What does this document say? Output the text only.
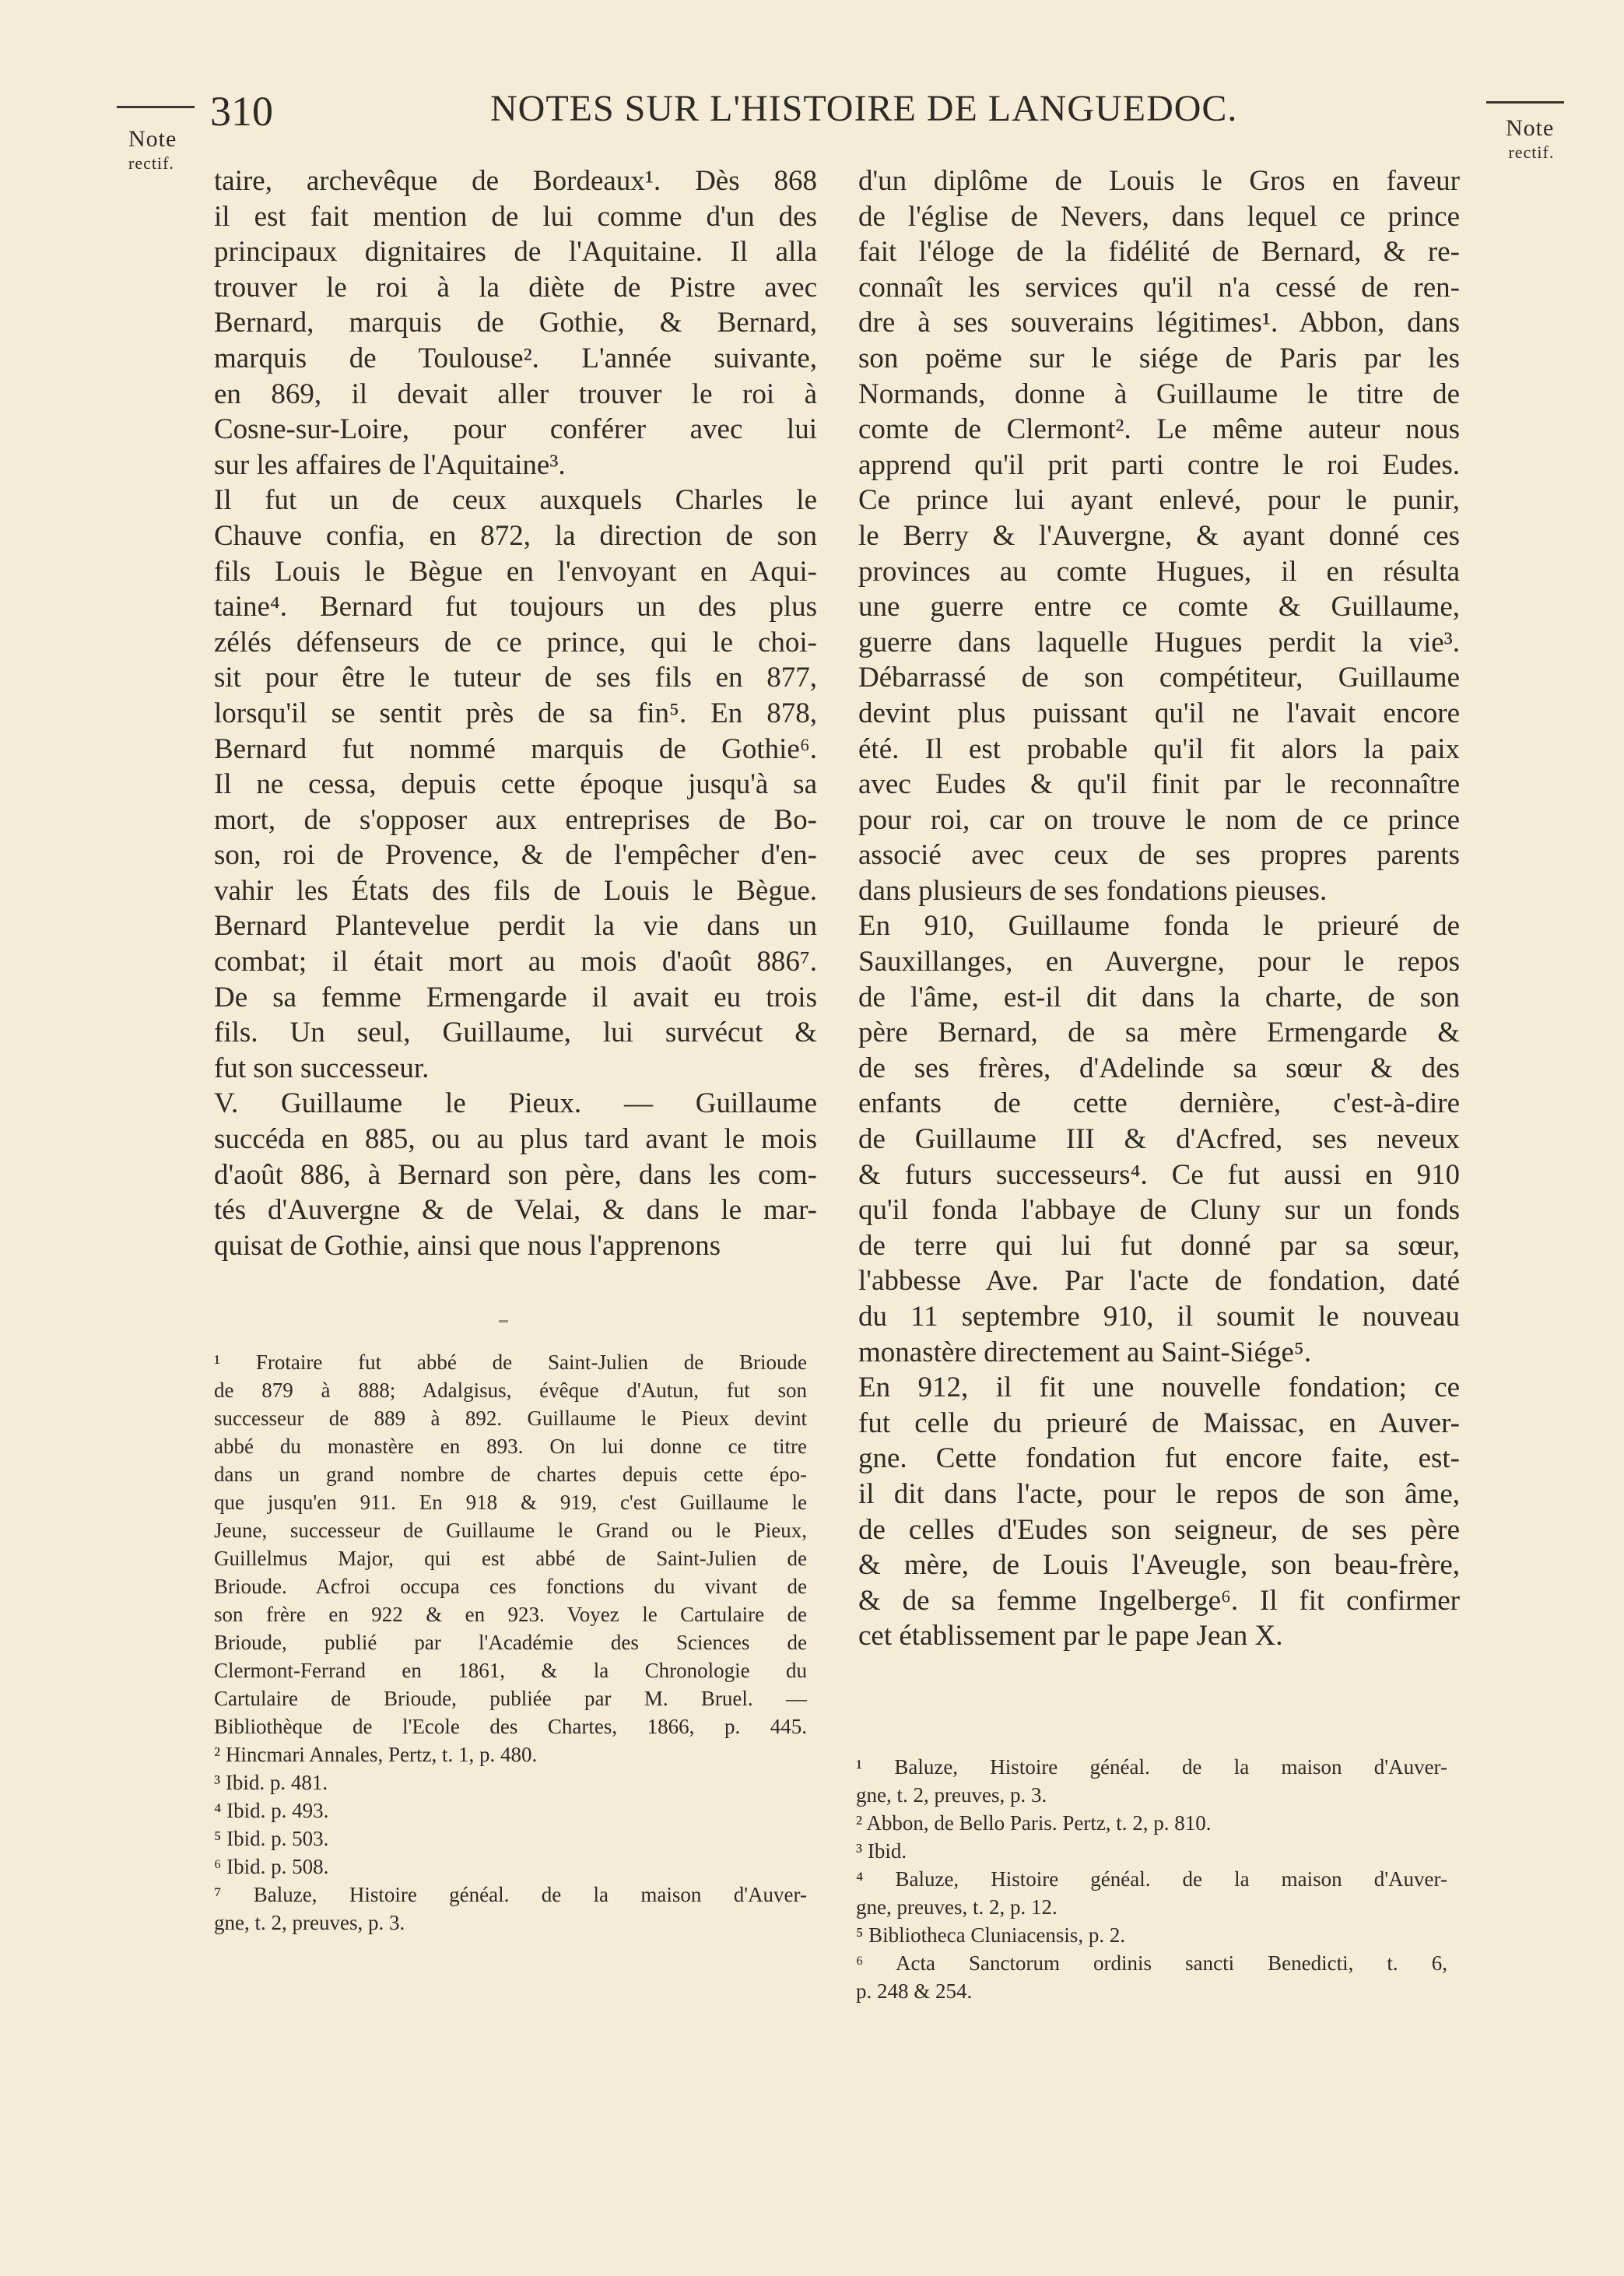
Note
rectif.
Note
rectif.
310	NOTES SUR L'HISTOIRE DE LANGUEDOC.

taire, archevêque de Bordeaux¹. Dès 868

il est fait mention de lui comme d'un des

principaux dignitaires de l'Aquitaine. Il alla

trouver le roi à la diète de Pistre avec

Bernard, marquis de Gothie, & Bernard,

marquis de Toulouse². L'année suivante,

en 869, il devait aller trouver le roi à

Cosne-sur-Loire, pour conférer avec lui

sur les affaires de l'Aquitaine³.

Il fut un de ceux auxquels Charles le

Chauve confia, en 872, la direction de son

fils Louis le Bègue en l'envoyant en Aqui-

taine⁴. Bernard fut toujours un des plus

zélés défenseurs de ce prince, qui le choi-

sit pour être le tuteur de ses fils en 877,

lorsqu'il se sentit près de sa fin⁵. En 878,

Bernard fut nommé marquis de Gothie⁶.

Il ne cessa, depuis cette époque jusqu'à sa

mort, de s'opposer aux entreprises de Bo-

son, roi de Provence, & de l'empêcher d'en-

vahir les États des fils de Louis le Bègue.

Bernard Plantevelue perdit la vie dans un

combat; il était mort au mois d'août 886⁷.

De sa femme Ermengarde il avait eu trois

fils. Un seul, Guillaume, lui survécut &

fut son successeur.

V. Guillaume le Pieux. — Guillaume

succéda en 885, ou au plus tard avant le mois

d'août 886, à Bernard son père, dans les com-

tés d'Auvergne & de Velai, & dans le mar-

quisat de Gothie, ainsi que nous l'apprenons

d'un diplôme de Louis le Gros en faveur

de l'église de Nevers, dans lequel ce prince

fait l'éloge de la fidélité de Bernard, & re-

connaît les services qu'il n'a cessé de ren-

dre à ses souverains légitimes¹. Abbon, dans

son poëme sur le siége de Paris par les

Normands, donne à Guillaume le titre de

comte de Clermont². Le même auteur nous

apprend qu'il prit parti contre le roi Eudes.

Ce prince lui ayant enlevé, pour le punir,

le Berry & l'Auvergne, & ayant donné ces

provinces au comte Hugues, il en résulta

une guerre entre ce comte & Guillaume,

guerre dans laquelle Hugues perdit la vie³.

Débarrassé de son compétiteur, Guillaume

devint plus puissant qu'il ne l'avait encore

été. Il est probable qu'il fit alors la paix

avec Eudes & qu'il finit par le reconnaître

pour roi, car on trouve le nom de ce prince

associé avec ceux de ses propres parents

dans plusieurs de ses fondations pieuses.

En 910, Guillaume fonda le prieuré de

Sauxillanges, en Auvergne, pour le repos

de l'âme, est-il dit dans la charte, de son

père Bernard, de sa mère Ermengarde &

de ses frères, d'Adelinde sa sœur & des

enfants de cette dernière, c'est-à-dire

de Guillaume III & d'Acfred, ses neveux

& futurs successeurs⁴. Ce fut aussi en 910

qu'il fonda l'abbaye de Cluny sur un fonds

de terre qui lui fut donné par sa sœur,

l'abbesse Ave. Par l'acte de fondation, daté

du 11 septembre 910, il soumit le nouveau

monastère directement au Saint-Siége⁵.

En 912, il fit une nouvelle fondation; ce

fut celle du prieuré de Maissac, en Auver-

gne. Cette fondation fut encore faite, est-

il dit dans l'acte, pour le repos de son âme,

de celles d'Eudes son seigneur, de ses père

& mère, de Louis l'Aveugle, son beau-frère,

& de sa femme Ingelberge⁶. Il fit confirmer

cet établissement par le pape Jean X.

¹ Frotaire fut abbé de Saint-Julien de Brioude

de 879 à 888; Adalgisus, évêque d'Autun, fut son

successeur de 889 à 892. Guillaume le Pieux devint

abbé du monastère en 893. On lui donne ce titre

dans un grand nombre de chartes depuis cette épo-

que jusqu'en 911. En 918 & 919, c'est Guillaume le

Jeune, successeur de Guillaume le Grand ou le Pieux,

Guillelmus Major, qui est abbé de Saint-Julien de

Brioude. Acfroi occupa ces fonctions du vivant de

son frère en 922 & en 923. Voyez le Cartulaire de

Brioude, publié par l'Académie des Sciences de

Clermont-Ferrand en 1861, & la Chronologie du

Cartulaire de Brioude, publiée par M. Bruel. —

Bibliothèque de l'Ecole des Chartes, 1866, p. 445.

² Hincmari Annales, Pertz, t. 1, p. 480.

³ Ibid. p. 481.

⁴ Ibid. p. 493.

⁵ Ibid. p. 503.

⁶ Ibid. p. 508.

⁷ Baluze, Histoire généal. de la maison d'Auver-

gne, t. 2, preuves, p. 3.

¹ Baluze, Histoire généal. de la maison d'Auver-

gne, t. 2, preuves, p. 3.

² Abbon, de Bello Paris. Pertz, t. 2, p. 810.

³ Ibid.

⁴ Baluze, Histoire généal. de la maison d'Auver-

gne, preuves, t. 2, p. 12.

⁵ Bibliotheca Cluniacensis, p. 2.

⁶ Acta Sanctorum ordinis sancti Benedicti, t. 6,

p. 248 & 254.
